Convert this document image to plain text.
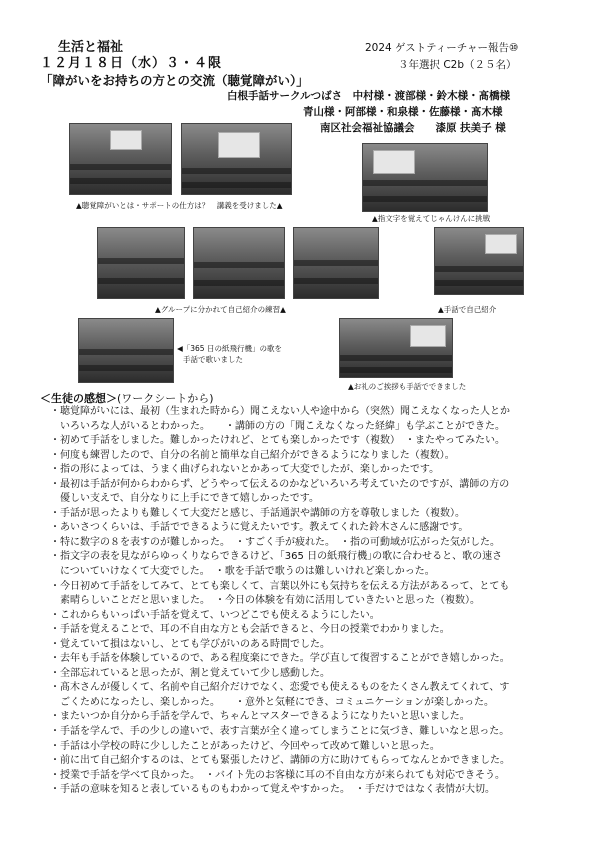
生活と福祉
１２月１８日（水）３・４限
「障がいをお持ちの方との交流（聴覚障がい）」
2024 ゲストティーチャー報告⑩
３年選択 C2b（２５名）
白根手話サークルつばさ　中村様・渡部様・鈴木様・髙橋様
青山様・阿部様・和泉様・佐藤様・髙木様
南区社会福祉協議会　　漆原 扶美子 様
▲聴覚障がいとは・サポートの仕方は？　講義を受けました▲
▲指文字を覚えてじゃんけんに挑戦
▲グループに分かれて自己紹介の練習▲	▲手話で自己紹介
◀「365 日の紙飛行機」の歌を
手話で歌いました
▲お礼のご挨拶も手話でできました
＜生徒の感想＞(ワークシートから)
・聴覚障がいには、最初（生まれた時から）聞こえない人や途中から（突然）聞こえなくなった人とか
　いろいろな人がいるとわかった。　　・講師の方の「聞こえなくなった経緯」も学ぶことができた。
・初めて手話をしました。難しかったけれど、とても楽しかったです（複数）　・またやってみたい。
・何度も練習したので、自分の名前と簡単な自己紹介ができるようになりました（複数）。
・指の形によっては、うまく曲げられないとかあって大変でしたが、楽しかったです。
・最初は手話が何からわからず、どうやって伝えるのかなどいろいろ考えていたのですが、講師の方の
　優しい支えで、自分なりに上手にできて嬉しかったです。
・手話が思ったよりも難しくて大変だと感じ、手話通訳や講師の方を尊敬しました（複数）。
・あいさつくらいは、手話でできるように覚えたいです。教えてくれた鈴木さんに感謝です。
・特に数字の８を表すのが難しかった。　・すごく手が疲れた。　・指の可動域が広がった気がした。
・指文字の表を見ながらゆっくりならできるけど、｢365 日の紙飛行機｣の歌に合わせると、歌の速さ
　についていけなくて大変でした。　・歌を手話で歌うのは難しいけれど楽しかった。
・今日初めて手話をしてみて、とても楽しくて、言葉以外にも気持ちを伝える方法があるって、とても
　素晴らしいことだと思いました。　・今日の体験を有効に活用していきたいと思った（複数）。
・これからもいっぱい手話を覚えて、いつどこでも使えるようにしたい。
・手話を覚えることで、耳の不自由な方とも会話できると、今日の授業でわかりました。
・覚えていて損はないし、とても学びがいのある時間でした。
・去年も手話を体験しているので、ある程度楽にできた。学び直して復習することができ嬉しかった。
・全部忘れていると思ったが、割と覚えていて少し感動した。
・髙木さんが優しくて、名前や自己紹介だけでなく、恋愛でも使えるものをたくさん教えてくれて、す
　ごくためになったし、楽しかった。　　・意外と気軽にでき、コミュニケーションが楽しかった。
・またいつか自分から手話を学んで、ちゃんとマスターできるようになりたいと思いました。
・手話を学んで、手の少しの違いで、表す言葉が全く違ってしまうことに気づき、難しいなと思った。
・手話は小学校の時に少ししたことがあったけど、今回やって改めて難しいと思った。
・前に出て自己紹介するのは、とても緊張したけど、講師の方に助けてもらってなんとかできました。
・授業で手話を学べて良かった。　・バイト先のお客様に耳の不自由な方が来られても対応できそう。
・手話の意味を知ると表しているものもわかって覚えやすかった。　・手だけではなく表情が大切。
